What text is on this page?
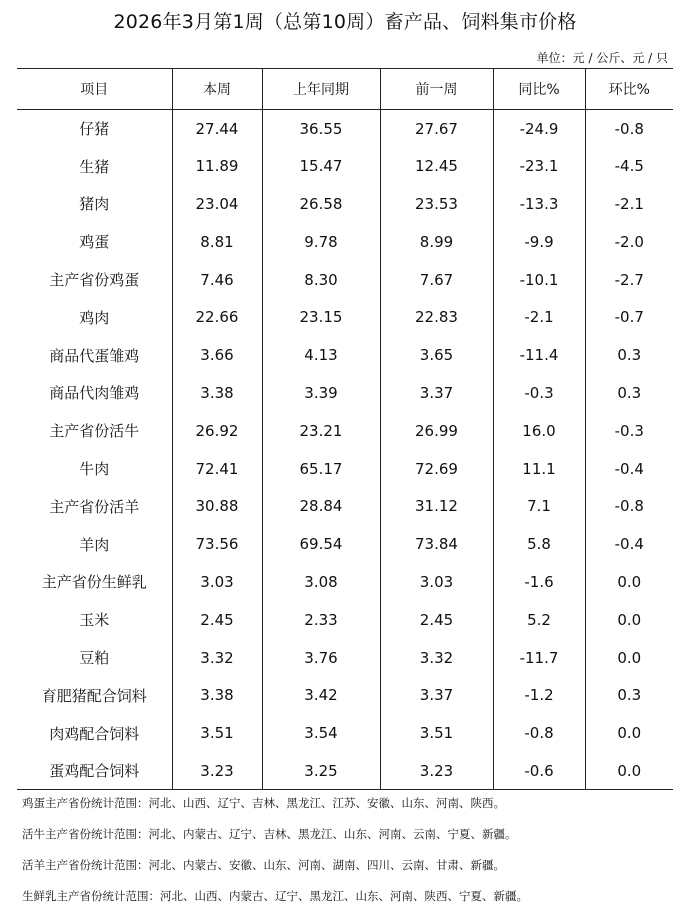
2026年3月第1周（总第10周）畜产品、饲料集市价格
单位：元 / 公斤、元 / 只
项目	本周	上年同期	前一周	同比%	环比%
仔猪	27.44	36.55	27.67	-24.9	-0.8
生猪	11.89	15.47	12.45	-23.1	-4.5
猪肉	23.04	26.58	23.53	-13.3	-2.1
鸡蛋	8.81	9.78	8.99	-9.9	-2.0
主产省份鸡蛋	7.46	8.30	7.67	-10.1	-2.7
鸡肉	22.66	23.15	22.83	-2.1	-0.7
商品代蛋雏鸡	3.66	4.13	3.65	-11.4	0.3
商品代肉雏鸡	3.38	3.39	3.37	-0.3	0.3
主产省份活牛	26.92	23.21	26.99	16.0	-0.3
牛肉	72.41	65.17	72.69	11.1	-0.4
主产省份活羊	30.88	28.84	31.12	7.1	-0.8
羊肉	73.56	69.54	73.84	5.8	-0.4
主产省份生鲜乳	3.03	3.08	3.03	-1.6	0.0
玉米	2.45	2.33	2.45	5.2	0.0
豆粕	3.32	3.76	3.32	-11.7	0.0
育肥猪配合饲料	3.38	3.42	3.37	-1.2	0.3
肉鸡配合饲料	3.51	3.54	3.51	-0.8	0.0
蛋鸡配合饲料	3.23	3.25	3.23	-0.6	0.0
鸡蛋主产省份统计范围：河北、山西、辽宁、吉林、黑龙江、江苏、安徽、山东、河南、陕西。
活牛主产省份统计范围：河北、内蒙古、辽宁、吉林、黑龙江、山东、河南、云南、宁夏、新疆。
活羊主产省份统计范围：河北、内蒙古、安徽、山东、河南、湖南、四川、云南、甘肃、新疆。
生鲜乳主产省份统计范围：河北、山西、内蒙古、辽宁、黑龙江、山东、河南、陕西、宁夏、新疆。
